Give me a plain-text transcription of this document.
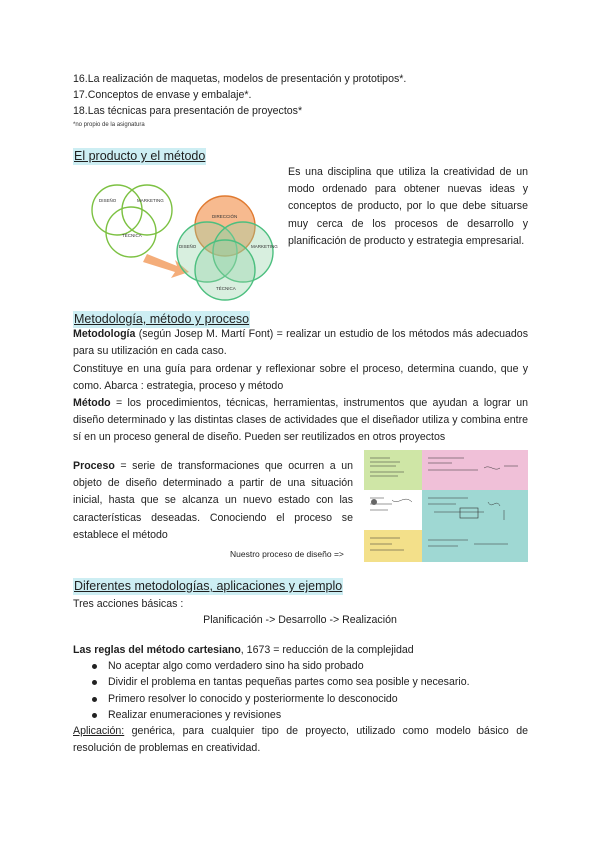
16.La realización de maquetas, modelos de presentación y prototipos*.
17.Conceptos de envase y embalaje*.
18.Las técnicas para presentación de proyectos*
*no propio de la asignatura
El producto y el método
DISEÑO	MARKETING
TÉCNICA
DIRECCIÓN
DISEÑO	MARKETING
TÉCNICA
Es una disciplina que utiliza la creatividad de un modo ordenado para obtener nuevas ideas y conceptos de producto, por lo que debe situarse muy cerca de los procesos de desarrollo y planificación de producto y estrategia empresarial.
Metodología, método y proceso
Metodología (según Josep M. Martí Font) = realizar un estudio de los métodos más adecuados para su utilización en cada caso.
Constituye en una guía para ordenar y reflexionar sobre el proceso, determina cuando, que y como. Abarca : estrategia, proceso y método
Método = los procedimientos, técnicas, herramientas, instrumentos que ayudan a lograr un diseño determinado y las distintas clases de actividades que el diseñador utiliza y combina entre sí en un proceso general de diseño. Pueden ser reutilizados en otros proyectos
Proceso = serie de transformaciones que ocurren a un objeto de diseño determinado a partir de una situación inicial, hasta que se alcanza un nuevo estado con las características deseadas. Conociendo el proceso se establece el método
Nuestro proceso de diseño =>
Diferentes metodologías, aplicaciones y ejemplo
Tres acciones básicas :
Planificación -> Desarrollo -> Realización
Las reglas del método cartesiano, 1673 = reducción de la complejidad
No aceptar algo como verdadero sino ha sido probado
Dividir el problema en tantas pequeñas partes como sea posible y necesario.
Primero resolver lo conocido y posteriormente lo desconocido
Realizar enumeraciones y revisiones
Aplicación: genérica, para cualquier tipo de proyecto, utilizado como modelo básico de resolución de problemas en creatividad.
